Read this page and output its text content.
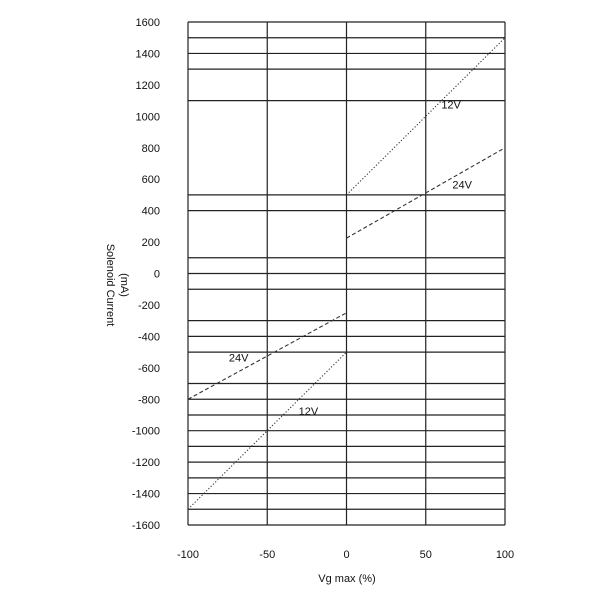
1600
1400
1200
1000
800
600
400
200
0
-200
-400
-600
-800
-1000
-1200
-1400
-1600
-100	-50	0	50	100
12V
24V
24V
12V
Vg max (%)
Solenoid Current (mA)
